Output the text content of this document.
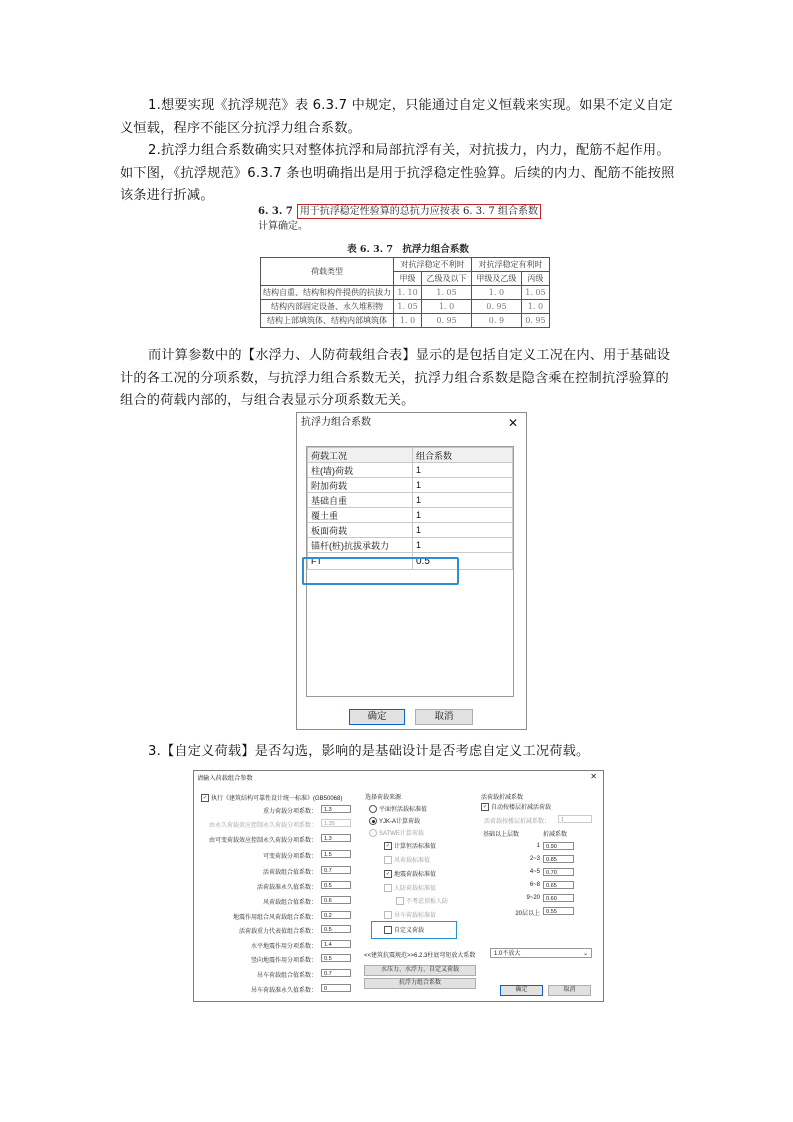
1.想要实现《抗浮规范》表 6.3.7 中规定，只能通过自定义恒载来实现。如果不定义自定义恒载，程序不能区分抗浮力组合系数。
2.抗浮力组合系数确实只对整体抗浮和局部抗浮有关，对抗拔力，内力，配筋不起作用。如下图，《抗浮规范》6.3.7 条也明确指出是用于抗浮稳定性验算。后续的内力、配筋不能按照该条进行折减。
6. 3. 7 用于抗浮稳定性验算的总抗力应按表 6. 3. 7 组合系数
计算确定。
表 6. 3. 7　抗浮力组合系数
荷载类型	对抗浮稳定不利时		对抗浮稳定有利时	
	甲级	乙级及以下	甲级及乙级	丙级
结构自重、结构和构件提供的抗拔力	1. 10	1. 05	1. 0	1. 05
结构内部固定设备、永久堆积物	1. 05	1. 0	0. 95	1. 0
结构上部填筑体、结构内部填筑体	1. 0	0. 95	0. 9	0. 95
而计算参数中的【水浮力、人防荷载组合表】显示的是包括自定义工况在内、用于基础设计的各工况的分项系数，与抗浮力组合系数无关，抗浮力组合系数是隐含乘在控制抗浮验算的组合的荷载内部的，与组合表显示分项系数无关。
抗浮力组合系数	✕
荷载工况	组合系数
柱(墙)荷载	1
附加荷载	1
基础自重	1
覆土重	1
板面荷载	1
锚杆(桩)抗拔承载力	1
FT	0.5
确定	取消
3.【自定义荷载】是否勾选，影响的是基础设计是否考虑自定义工况荷载。
请输入荷载组合参数	✕
✓ 执行《建筑结构可靠性设计统一标准》(GB50068)
重力荷载分项系数：	1.3
由永久荷载效应控制永久荷载分项系数：	1.35
由可变荷载效应控制永久荷载分项系数：	1.3
可变荷载分项系数：	1.5
活荷载组合值系数：	0.7
活荷载准永久值系数：	0.5
风荷载组合值系数：	0.6
地震作用组合风荷载组合系数：	0.2
活荷载重力代表值组合系数：	0.5
水平地震作用分项系数：	1.4
竖向地震作用分项系数：	0.5
吊车荷载组合值系数：	0.7
吊车荷载准永久值系数：	0
选择荷载来源
平面恒活载标准值
YJK-A计算荷载
SATWE计算荷载
✓ 计算恒活标准值
风荷载标准值
✓ 地震荷载标准值
人防荷载标准值
不考虑顶板人防
吊车荷载标准值
自定义荷载
活荷载折减系数
✓ 自动按楼层折减活荷载
活荷载按楼层折减系数：	1
基础以上层数	折减系数
1	0.90
2~3	0.85
4~5	0.70
6~8	0.65
9~20	0.60
20层以上	0.55
<<建筑抗震规范>>6.2.3柱底弯矩放大系数	1.0不放大	⌄
水压力、水浮力、自定义荷载
抗浮力组合系数
确定	取消
